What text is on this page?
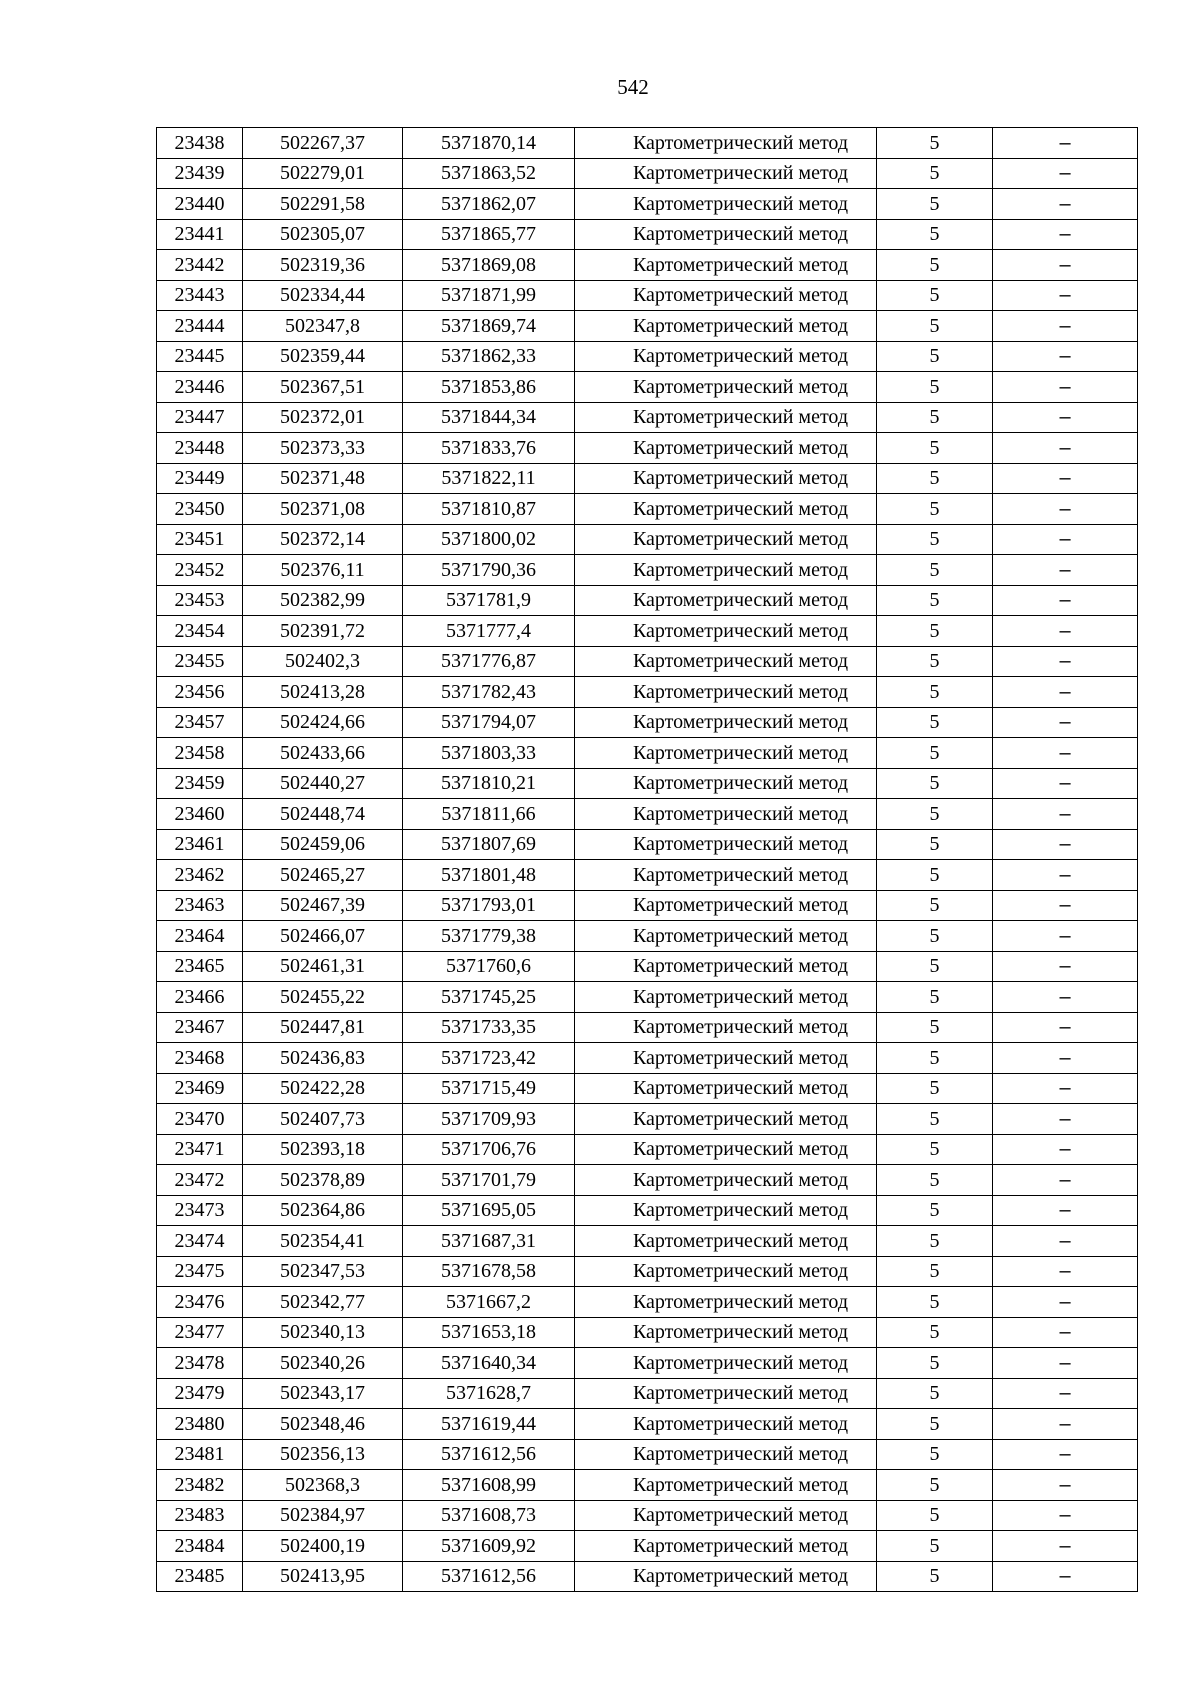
542
23438	502267,37	5371870,14	Картометрический метод	5	–
23439	502279,01	5371863,52	Картометрический метод	5	–
23440	502291,58	5371862,07	Картометрический метод	5	–
23441	502305,07	5371865,77	Картометрический метод	5	–
23442	502319,36	5371869,08	Картометрический метод	5	–
23443	502334,44	5371871,99	Картометрический метод	5	–
23444	502347,8	5371869,74	Картометрический метод	5	–
23445	502359,44	5371862,33	Картометрический метод	5	–
23446	502367,51	5371853,86	Картометрический метод	5	–
23447	502372,01	5371844,34	Картометрический метод	5	–
23448	502373,33	5371833,76	Картометрический метод	5	–
23449	502371,48	5371822,11	Картометрический метод	5	–
23450	502371,08	5371810,87	Картометрический метод	5	–
23451	502372,14	5371800,02	Картометрический метод	5	–
23452	502376,11	5371790,36	Картометрический метод	5	–
23453	502382,99	5371781,9	Картометрический метод	5	–
23454	502391,72	5371777,4	Картометрический метод	5	–
23455	502402,3	5371776,87	Картометрический метод	5	–
23456	502413,28	5371782,43	Картометрический метод	5	–
23457	502424,66	5371794,07	Картометрический метод	5	–
23458	502433,66	5371803,33	Картометрический метод	5	–
23459	502440,27	5371810,21	Картометрический метод	5	–
23460	502448,74	5371811,66	Картометрический метод	5	–
23461	502459,06	5371807,69	Картометрический метод	5	–
23462	502465,27	5371801,48	Картометрический метод	5	–
23463	502467,39	5371793,01	Картометрический метод	5	–
23464	502466,07	5371779,38	Картометрический метод	5	–
23465	502461,31	5371760,6	Картометрический метод	5	–
23466	502455,22	5371745,25	Картометрический метод	5	–
23467	502447,81	5371733,35	Картометрический метод	5	–
23468	502436,83	5371723,42	Картометрический метод	5	–
23469	502422,28	5371715,49	Картометрический метод	5	–
23470	502407,73	5371709,93	Картометрический метод	5	–
23471	502393,18	5371706,76	Картометрический метод	5	–
23472	502378,89	5371701,79	Картометрический метод	5	–
23473	502364,86	5371695,05	Картометрический метод	5	–
23474	502354,41	5371687,31	Картометрический метод	5	–
23475	502347,53	5371678,58	Картометрический метод	5	–
23476	502342,77	5371667,2	Картометрический метод	5	–
23477	502340,13	5371653,18	Картометрический метод	5	–
23478	502340,26	5371640,34	Картометрический метод	5	–
23479	502343,17	5371628,7	Картометрический метод	5	–
23480	502348,46	5371619,44	Картометрический метод	5	–
23481	502356,13	5371612,56	Картометрический метод	5	–
23482	502368,3	5371608,99	Картометрический метод	5	–
23483	502384,97	5371608,73	Картометрический метод	5	–
23484	502400,19	5371609,92	Картометрический метод	5	–
23485	502413,95	5371612,56	Картометрический метод	5	–
